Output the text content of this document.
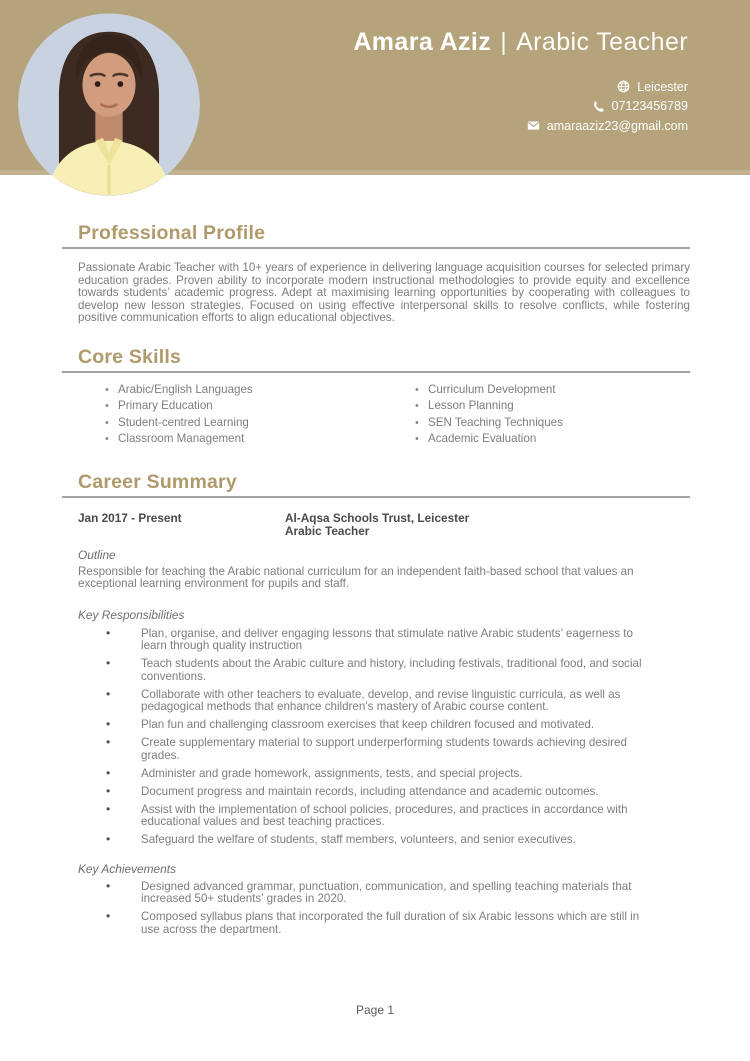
Amara Aziz | Arabic Teacher
Leicester
07123456789
amaraaziz23@gmail.com
Professional Profile

Passionate Arabic Teacher with 10+ years of experience in delivering language acquisition courses for selected primary education grades. Proven ability to incorporate modern instructional methodologies to provide equity and excellence towards students’ academic progress. Adept at maximising learning opportunities by cooperating with colleagues to develop new lesson strategies. Focused on using effective interpersonal skills to resolve conflicts, while fostering positive communication efforts to align educational objectives.

Core Skills
• Arabic/English Languages
• Primary Education
• Student-centred Learning
• Classroom Management
• Curriculum Development
• Lesson Planning
• SEN Teaching Techniques
• Academic Evaluation
Career Summary
Jan 2017 - Present	Al-Aqsa Schools Trust, Leicester
Arabic Teacher
Outline

Responsible for teaching the Arabic national curriculum for an independent faith-based school that values an exceptional learning environment for pupils and staff.

Key Responsibilities
• Plan, organise, and deliver engaging lessons that stimulate native Arabic students’ eagerness to learn through quality instruction
• Teach students about the Arabic culture and history, including festivals, traditional food, and social conventions.
• Collaborate with other teachers to evaluate, develop, and revise linguistic curricula, as well as pedagogical methods that enhance children’s mastery of Arabic course content.
• Plan fun and challenging classroom exercises that keep children focused and motivated.
• Create supplementary material to support underperforming students towards achieving desired grades.
• Administer and grade homework, assignments, tests, and special projects.
• Document progress and maintain records, including attendance and academic outcomes.
• Assist with the implementation of school policies, procedures, and practices in accordance with educational values and best teaching practices.
• Safeguard the welfare of students, staff members, volunteers, and senior executives.
Key Achievements
• Designed advanced grammar, punctuation, communication, and spelling teaching materials that increased 50+ students’ grades in 2020.
• Composed syllabus plans that incorporated the full duration of six Arabic lessons which are still in use across the department.
Page 1
